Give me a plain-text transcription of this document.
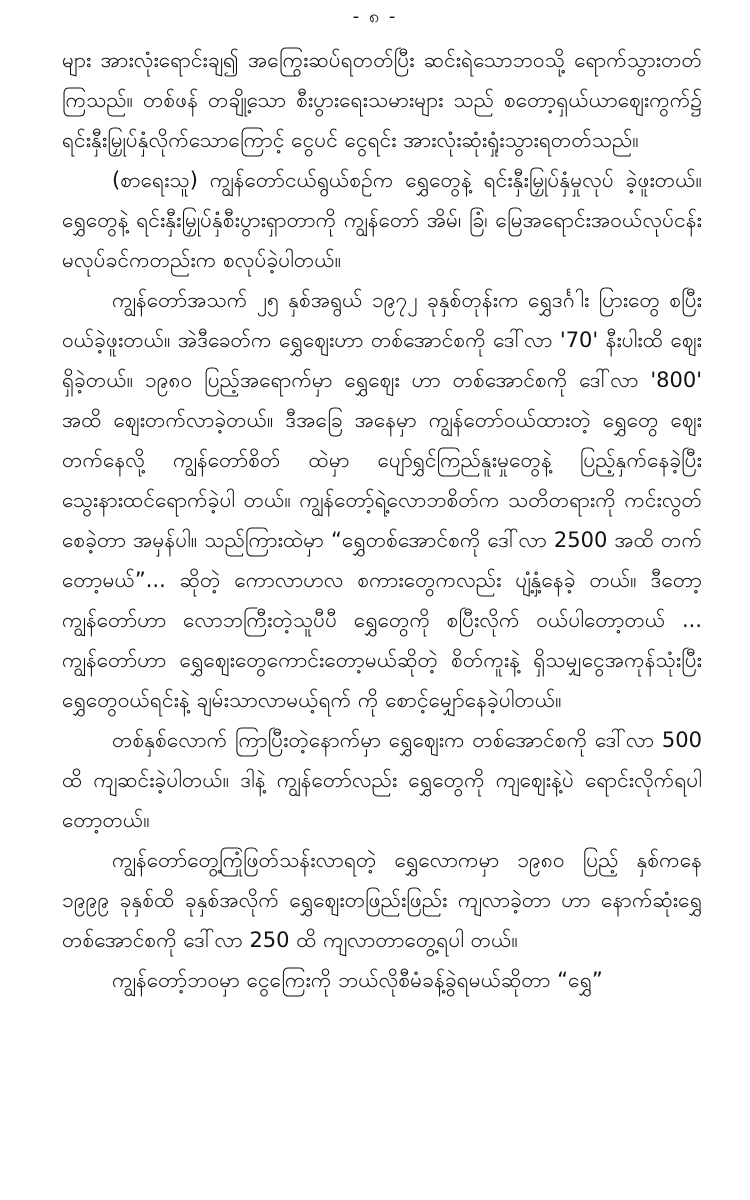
- ၈ -

များ အားလုံးရောင်းချ၍ အကြွေးဆပ်ရတတ်ပြီး ဆင်းရဲသောဘဝသို့ ရောက်သွားတတ်ကြသည်။ တစ်ဖန် တချို့သော စီးပွားရေးသမားများ သည် စတော့ရှယ်ယာဈေးကွက်၌ ရင်းနှီးမြှုပ်နှံလိုက်သောကြောင့် ငွေပင် ငွေရင်း အားလုံးဆုံးရှုံးသွားရတတ်သည်။

(စာရေးသူ) ကျွန်တော်ငယ်ရွယ်စဉ်က ရွှေတွေနဲ့ ရင်းနှီးမြှုပ်နှံမှုလုပ် ခဲ့ဖူးတယ်။ ရွှေတွေနဲ့ ရင်းနှီးမြှုပ်နှံစီးပွားရှာတာကို ကျွန်တော် အိမ်၊ ခြံ၊ မြေအရောင်းအဝယ်လုပ်ငန်းမလုပ်ခင်ကတည်းက စလုပ်ခဲ့ပါတယ်။

ကျွန်တော်အသက် ၂၅ နှစ်အရွယ် ၁၉၇၂ ခုနှစ်တုန်းက ရွှေဒင်္ဂါး ပြားတွေ စပြီးဝယ်ခဲ့ဖူးတယ်။ အဲဒီခေတ်က ရွှေဈေးဟာ တစ်အောင်စကို ဒေါ်လာ '70' နီးပါးထိ ဈေးရှိခဲ့တယ်။ ၁၉၈၀ ပြည့်အရောက်မှာ ရွှေဈေး ဟာ တစ်အောင်စကို ဒေါ်လာ '800' အထိ ဈေးတက်လာခဲ့တယ်။ ဒီအခြေ အနေမှာ ကျွန်တော်ဝယ်ထားတဲ့ ရွှေတွေ ဈေးတက်နေလို့ ကျွန်တော်စိတ် ထဲမှာ ပျော်ရွှင်ကြည်နူးမှုတွေနဲ့ ပြည့်နှက်နေခဲ့ပြီး သွေးနားထင်ရောက်ခဲ့ပါ တယ်။ ကျွန်တော့်ရဲ့လောဘစိတ်က သတိတရားကို ကင်းလွတ်စေခဲ့တာ အမှန်ပါ။ သည်ကြားထဲမှာ “ရွှေတစ်အောင်စကို ဒေါ်လာ 2500 အထိ တက်တော့မယ်”... ဆိုတဲ့ ကောလာဟလ စကားတွေကလည်း ပျံ့နှံ့နေခဲ့ တယ်။ ဒီတော့ ကျွန်တော်ဟာ လောဘကြီးတဲ့သူပီပီ ရွှေတွေကို စပြီးလိုက် ဝယ်ပါတော့တယ် ... ကျွန်တော်ဟာ ရွှေဈေးတွေကောင်းတော့မယ်ဆိုတဲ့ စိတ်ကူးနဲ့ ရှိသမျှငွေအကုန်သုံးပြီး ရွှေတွေဝယ်ရင်းနဲ့ ချမ်းသာလာမယ့်ရက် ကို စောင့်မျှော်နေခဲ့ပါတယ်။

တစ်နှစ်လောက် ကြာပြီးတဲ့နောက်မှာ ရွှေဈေးက တစ်အောင်စကို ဒေါ်လာ 500 ထိ ကျဆင်းခဲ့ပါတယ်။ ဒါနဲ့ ကျွန်တော်လည်း ရွှေတွေကို ကျဈေးနဲ့ပဲ ရောင်းလိုက်ရပါတော့တယ်။

ကျွန်တော်တွေ့ကြုံဖြတ်သန်းလာရတဲ့ ရွှေလောကမှာ ၁၉၈၀ ပြည့် နှစ်ကနေ ၁၉၉၉ ခုနှစ်ထိ ခုနှစ်အလိုက် ရွှေဈေးတဖြည်းဖြည်း ကျလာခဲ့တာ ဟာ နောက်ဆုံးရွှေတစ်အောင်စကို ဒေါ်လာ 250 ထိ ကျလာတာတွေ့ရပါ တယ်။

ကျွန်တော့်ဘဝမှာ ငွေကြေးကို ဘယ်လိုစီမံခန့်ခွဲရမယ်ဆိုတာ “ရွှေ”
